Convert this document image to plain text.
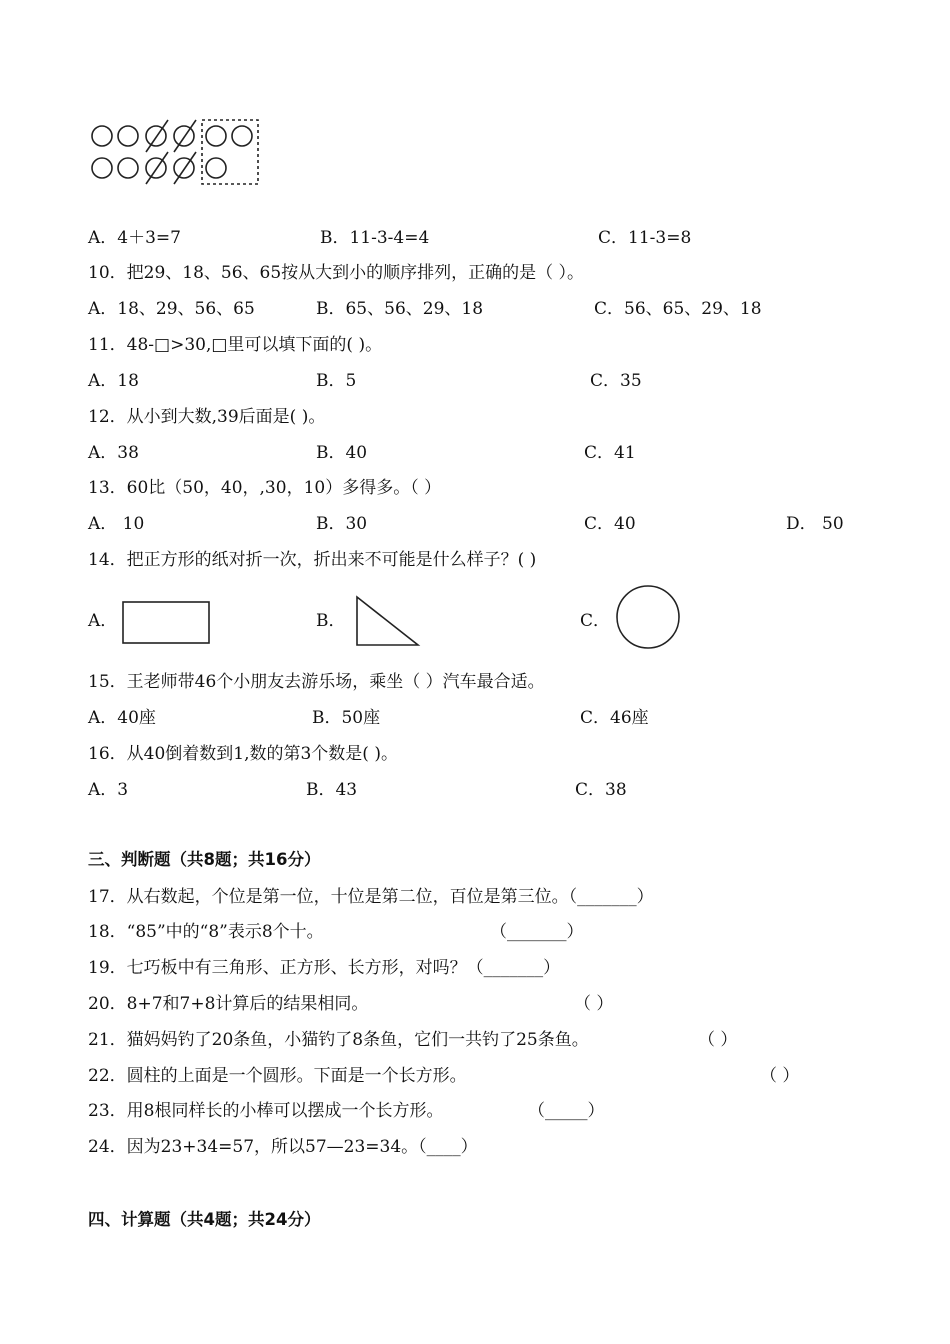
A．4＋3=7	B．11-3-4=4	C．11-3=8
10．把29、18、56、65按从大到小的顺序排列，正确的是（ ）。
A．18、29、56、65	B．65、56、29、18	C．56、65、29、18
11．48-□>30,□里可以填下面的( )。
A．18	B．5	C．35
12．从小到大数,39后面是( )。
A．38	B．40	C．41
13．60比（50，40，,30，10）多得多。（ ）
A． 10	B．30	C．40	D． 50
14．把正方形的纸对折一次，折出来不可能是什么样子？( )
A．	B．	C．
15．王老师带46个小朋友去游乐场，乘坐（ ）汽车最合适。
A．40座	B．50座	C．46座
16．从40倒着数到1,数的第3个数是( )。
A．3	B．43	C．38
三、判断题（共8题；共16分）
17．从右数起，个位是第一位，十位是第二位，百位是第三位。（_______）
18．“85”中的“8”表示8个十。	（_______）
19．七巧板中有三角形、正方形、长方形，对吗？（_______）
20．8+7和7+8计算后的结果相同。	（ ）
21．猫妈妈钓了20条鱼，小猫钓了8条鱼，它们一共钓了25条鱼。	（ ）
22．圆柱的上面是一个圆形。下面是一个长方形。	（ ）
23．用8根同样长的小棒可以摆成一个长方形。	（_____）
24．因为23+34=57，所以57—23=34。（____）
四、计算题（共4题；共24分）
